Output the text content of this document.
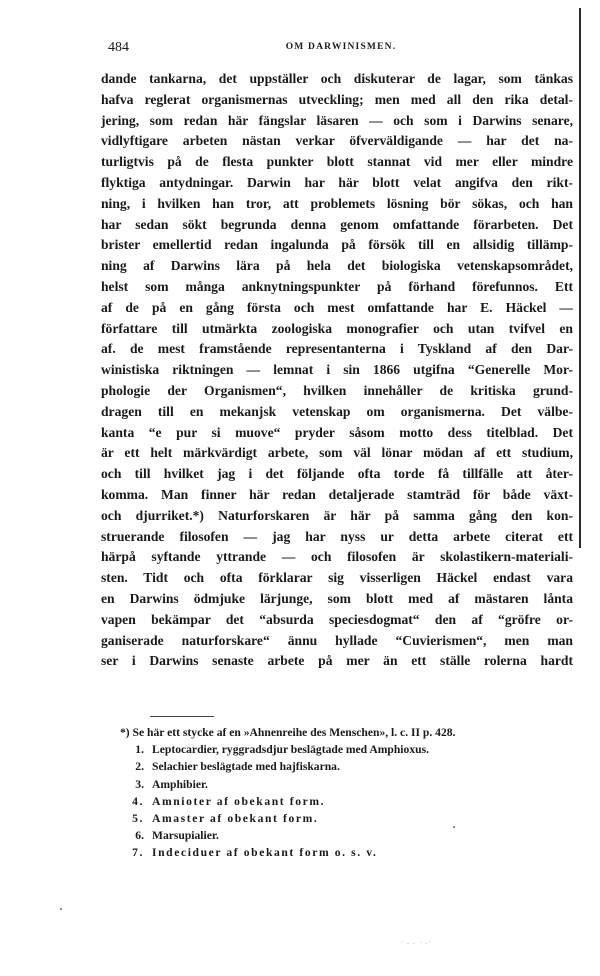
484	OM DARWINISMEN.
dande tankarna, det uppställer och diskuterar de lagar, som tänkas
hafva reglerat organismernas utveckling; men med all den rika detal-
jering, som redan här fängslar läsaren — och som i Darwins senare,
vidlyftigare arbeten nästan verkar öfverväldigande — har det na-
turligtvis på de flesta punkter blott stannat vid mer eller mindre
flyktiga antydningar. Darwin har här blott velat angifva den rikt-
ning, i hvilken han tror, att problemets lösning bör sökas, och han
har sedan sökt begrunda denna genom omfattande förarbeten. Det
brister emellertid redan ingalunda på försök till en allsidig tillämp-
ning af Darwins lära på hela det biologiska vetenskapsområdet,
helst som många anknytningspunkter på förhand förefunnos. Ett
af de på en gång första och mest omfattande har E. Häckel —
författare till utmärkta zoologiska monografier och utan tvifvel en
af. de mest framstående representanterna i Tyskland af den Dar-
winistiska riktningen — lemnat i sin 1866 utgifna “Generelle Mor-
phologie der Organismen“, hvilken innehåller de kritiska grund-
dragen till en mekanjsk vetenskap om organismerna. Det välbe-
kanta “e pur si muove“ pryder såsom motto dess titelblad. Det
är ett helt märkvärdigt arbete, som väl lönar mödan af ett studium,
och till hvilket jag i det följande ofta torde få tillfälle att åter-
komma. Man finner här redan detaljerade stamträd för både växt-
och djurriket.*) Naturforskaren är här på samma gång den kon-
struerande filosofen — jag har nyss ur detta arbete citerat ett
härpå syftande yttrande — och filosofen är skolastikern-materiali-
sten. Tidt och ofta förklarar sig visserligen Häckel endast vara
en Darwins ödmjuke lärjunge, som blott med af mästaren lånta
vapen bekämpar det “absurda speciesdogmat“ den af “gröfre or-
ganiserade naturforskare“ ännu hyllade “Cuvierismen“, men man
ser i Darwins senaste arbete på mer än ett ställe rolerna hardt
*) Se här ett stycke af en »Ahnenreihe des Menschen», l. c. II p. 428.
1. Leptocardier, ryggradsdjur beslägtade med Amphioxus.
2. Selachier beslägtade med hajfiskarna.
3. Amphibier.
4. Amnioter af obekant form.
5. Amaster af obekant form.
6. Marsupialier.
7. Indeciduer af obekant form o. s. v.
ˑ · · ˑ ·ˑ
